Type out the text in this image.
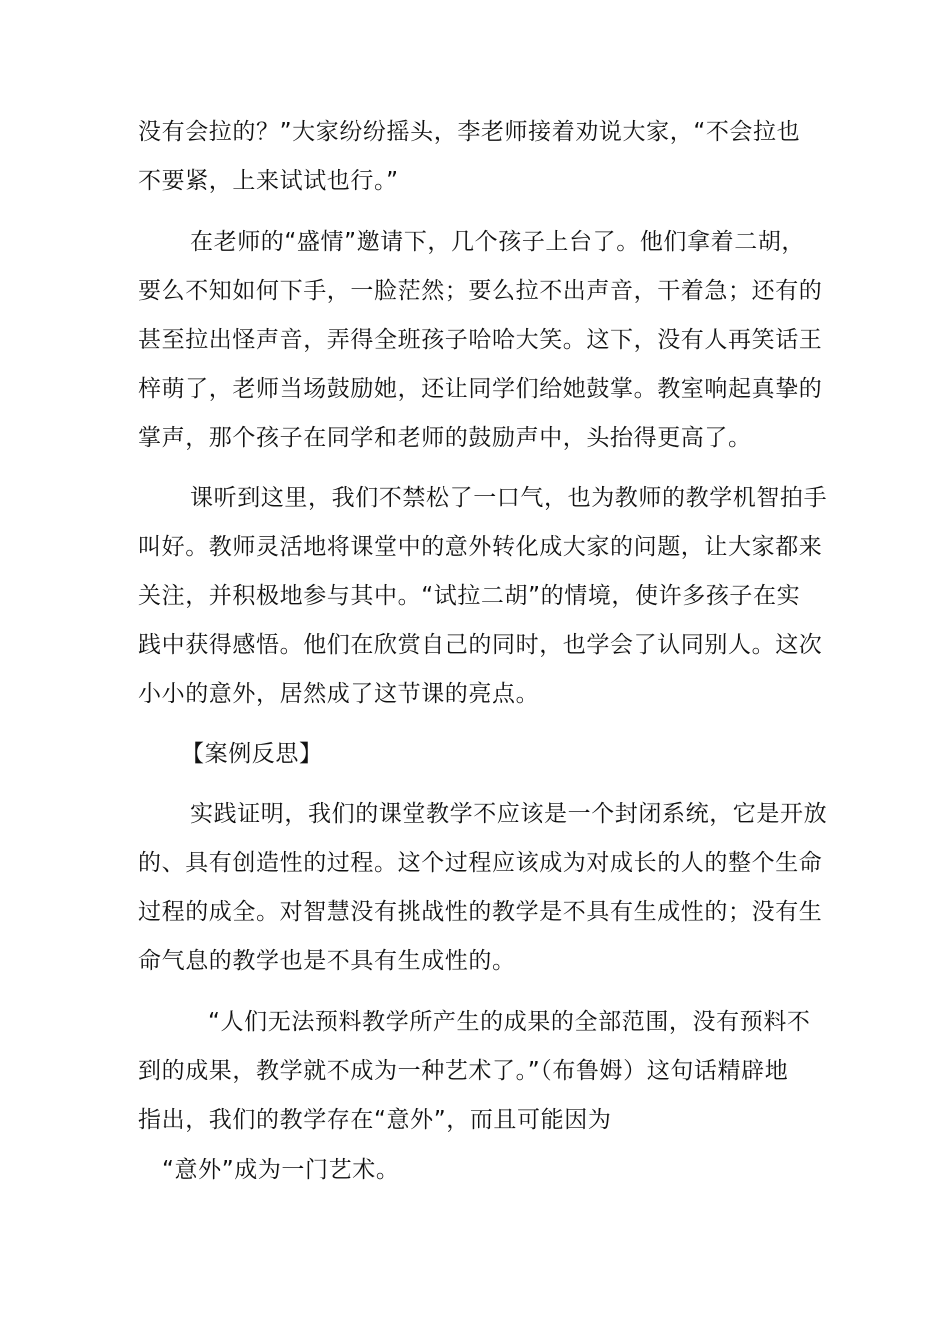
没有会拉的？”大家纷纷摇头，李老师接着劝说大家，“不会拉也
不要紧，上来试试也行。”
在老师的“盛情”邀请下，几个孩子上台了。他们拿着二胡，
要么不知如何下手，一脸茫然；要么拉不出声音，干着急；还有的
甚至拉出怪声音，弄得全班孩子哈哈大笑。这下，没有人再笑话王
梓萌了，老师当场鼓励她，还让同学们给她鼓掌。教室响起真挚的
掌声，那个孩子在同学和老师的鼓励声中，头抬得更高了。
课听到这里，我们不禁松了一口气，也为教师的教学机智拍手
叫好。教师灵活地将课堂中的意外转化成大家的问题，让大家都来
关注，并积极地参与其中。“试拉二胡”的情境，使许多孩子在实
践中获得感悟。他们在欣赏自己的同时，也学会了认同别人。这次
小小的意外，居然成了这节课的亮点。
【案例反思】
实践证明，我们的课堂教学不应该是一个封闭系统，它是开放
的、具有创造性的过程。这个过程应该成为对成长的人的整个生命
过程的成全。对智慧没有挑战性的教学是不具有生成性的；没有生
命气息的教学也是不具有生成性的。
“人们无法预料教学所产生的成果的全部范围，没有预料不
到的成果，教学就不成为一种艺术了。”（布鲁姆）这句话精辟地
指出，我们的教学存在“意外”，而且可能因为
“意外”成为一门艺术。
